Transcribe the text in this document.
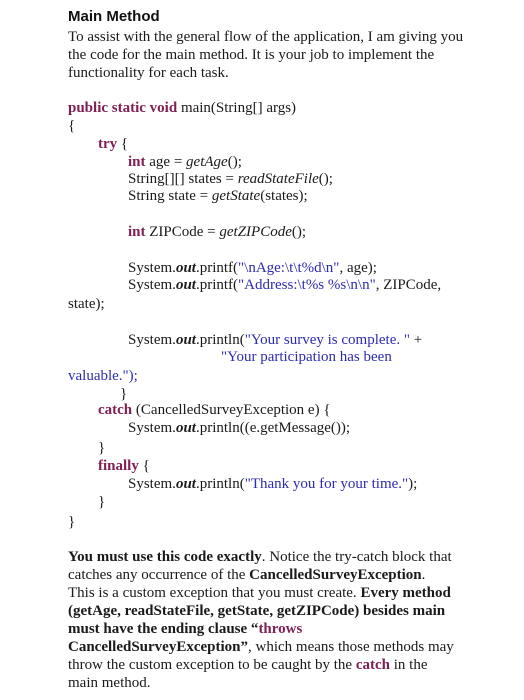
Main Method
To assist with the general flow of the application, I am giving you the code for the main method. It is your job to implement the functionality for each task.
public static void main(String[] args)
{
try {
int age = getAge();
String[][] states = readStateFile();
String state = getState(states);
int ZIPCode = getZIPCode();
System.out.printf("\nAge:\t\t%d\n", age);
System.out.printf("Address:\t%s %s\n\n", ZIPCode,
state);
System.out.println("Your survey is complete. " +
"Your participation has been
valuable.");
}
catch (CancelledSurveyException e) {
System.out.println((e.getMessage());
}
finally {
System.out.println("Thank you for your time.");
}
}
You must use this code exactly. Notice the try-catch block that catches any occurrence of the CancelledSurveyException. This is a custom exception that you must create. Every method (getAge, readStateFile, getState, getZIPCode) besides main must have the ending clause “throws CancelledSurveyException”, which means those methods may throw the custom exception to be caught by the catch in the main method.
